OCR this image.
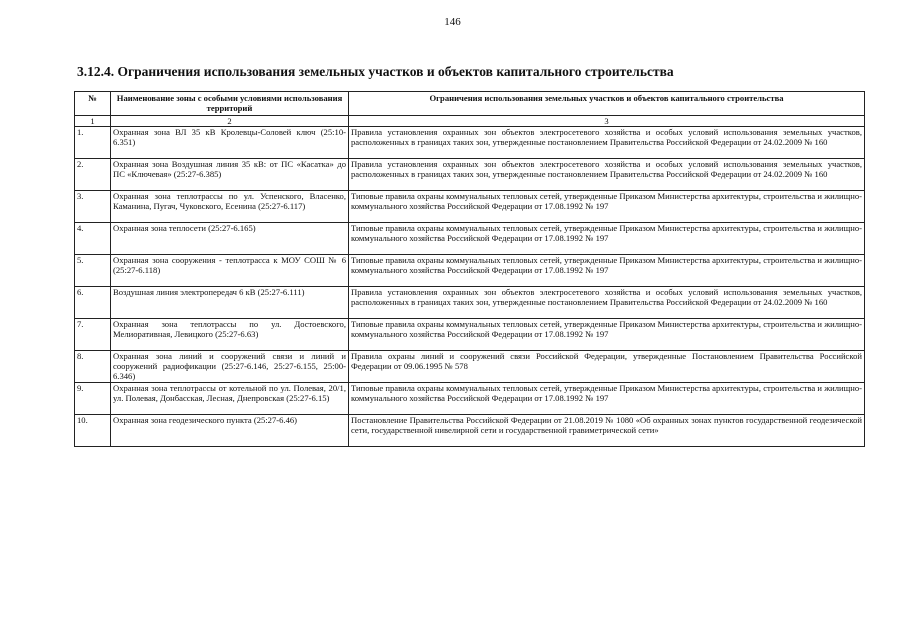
146
3.12.4. Ограничения использования земельных участков и объектов капитального строительства
№	Наименование зоны с особыми условиями использования территорий	Ограничения использования земельных участков и объектов капитального строительства
1	2	3
1.	Охранная зона ВЛ 35 кВ Кролевцы-Соловей ключ (25:10-6.351)	Правила установления охранных зон объектов электросетевого хозяйства и особых условий использования земельных участков, расположенных в границах таких зон, утвержденные постановлением Правительства Российской Федерации от 24.02.2009 № 160
2.	Охранная зона Воздушная линия 35 кВ: от ПС «Касатка» до ПС «Ключевая» (25:27-6.385)	Правила установления охранных зон объектов электросетевого хозяйства и особых условий использования земельных участков, расположенных в границах таких зон, утвержденные постановлением Правительства Российской Федерации от 24.02.2009 № 160
3.	Охранная зона теплотрассы по ул. Успенского, Власенко, Каманина, Пугач, Чуковского, Есенина (25:27-6.117)	Типовые правила охраны коммунальных тепловых сетей, утвержденные Приказом Министерства архитектуры, строительства и жилищно-коммунального хозяйства Российской Федерации от 17.08.1992 № 197
4.	Охранная зона теплосети (25:27-6.165)	Типовые правила охраны коммунальных тепловых сетей, утвержденные Приказом Министерства архитектуры, строительства и жилищно-коммунального хозяйства Российской Федерации от 17.08.1992 № 197
5.	Охранная зона сооружения - теплотрасса к МОУ СОШ № 6 (25:27-6.118)	Типовые правила охраны коммунальных тепловых сетей, утвержденные Приказом Министерства архитектуры, строительства и жилищно-коммунального хозяйства Российской Федерации от 17.08.1992 № 197
6.	Воздушная линия электропередач 6 кВ (25:27-6.111)	Правила установления охранных зон объектов электросетевого хозяйства и особых условий использования земельных участков, расположенных в границах таких зон, утвержденные постановлением Правительства Российской Федерации от 24.02.2009 № 160
7.	Охранная зона теплотрассы по ул. Достоевского, Мелиоративная, Левицкого (25:27-6.63)	Типовые правила охраны коммунальных тепловых сетей, утвержденные Приказом Министерства архитектуры, строительства и жилищно-коммунального хозяйства Российской Федерации от 17.08.1992 № 197
8.	Охранная зона линий и сооружений связи и линий и сооружений радиофикации (25:27-6.146, 25:27-6.155, 25:00-6.346)	Правила охраны линий и сооружений связи Российской Федерации, утвержденные Постановлением Правительства Российской Федерации от 09.06.1995 № 578
9.	Охранная зона теплотрассы от котельной по ул. Полевая, 20/1, ул. Полевая, Донбасская, Лесная, Днепровская (25:27-6.15)	Типовые правила охраны коммунальных тепловых сетей, утвержденные Приказом Министерства архитектуры, строительства и жилищно-коммунального хозяйства Российской Федерации от 17.08.1992 № 197
10.	Охранная зона геодезического пункта (25:27-6.46)	Постановление Правительства Российской Федерации от 21.08.2019 № 1080 «Об охранных зонах пунктов государственной геодезической сети, государственной нивелирной сети и государственной гравиметрической сети»
